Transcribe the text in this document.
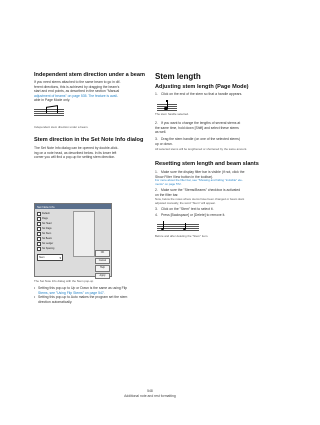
Independent stem direction under a beam
If you need stems attached to the same beam to go in dif-
ferent directions, this is achieved by dragging the beam's
start and end points, as described in the section "Manual
adjustment of beams" on page 535. The feature is avail-
able in Page Mode only.
Independent stem direction under a beam.
Stem direction in the Set Note Info dialog
The Set Note Info dialog can be opened by double-click-
ing on a note head, as described below. In its lower left
corner you will find a pop-up for setting stem direction.
Set Note Info
Default
Flags
No Head
No Flags
No Stem
No Beam
No Ledger
No Spacing
Stem	▾
OK
Cancel
Help
Apply
The Set Note Info dialog with the Stem pop-up
• Setting this pop-up to Up or Down is the same as using Flip
Stems, see "Using Flip Stems" on page 547.
• Setting this pop-up to Auto makes the program set the stem
direction automatically.
Stem length
Adjusting stem length (Page Mode)
1. Click on the end of the stem so that a handle appears.
The stem handle selected.
2. If you want to change the lengths of several stems at
the same time, hold down [Shift] and select these stems
as well.
3. Drag the stem handle (on one of the selected stems)
up or down.
All selected stems will be lengthened or shortened by the same amount.
Resetting stem length and beam slants
1. Make sure the display filter bar is visible (if not, click the
Show Filter View button in the toolbar).
For more about the filter bar, see "Showing and hiding "invisible" ele-
ments" on page 572.
2. Make sure the "Stems/Beams" checkbox is activated
on the filter bar.
Now, below the notes where stems have been changed or beam slant
adjusted manually, the word "Stem" will appear.
3. Click on the "Stem" text to select it.
4. Press [Backspace] or [Delete] to remove it.
Before and after deleting the "Stem" item.
548
Additional note and rest formatting
